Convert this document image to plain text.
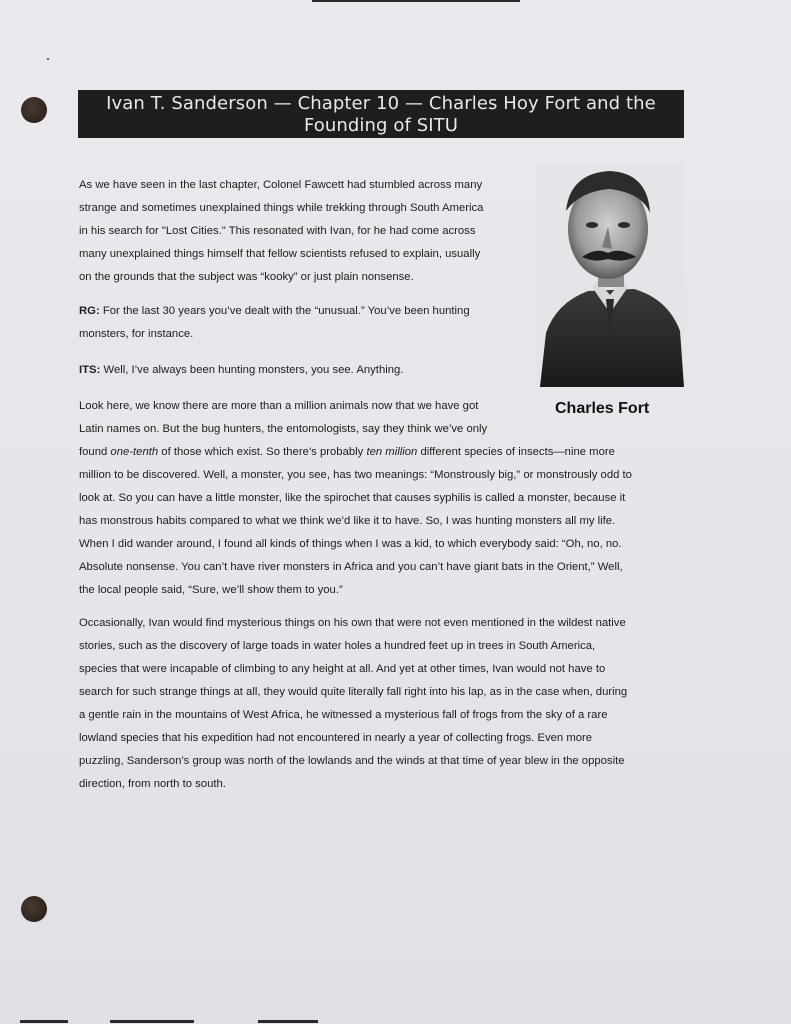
Ivan T. Sanderson — Chapter 10 — Charles Hoy Fort and the
Founding of SITU
Charles Fort
As we have seen in the last chapter, Colonel Fawcett had stumbled across many
strange and sometimes unexplained things while trekking through South America
in his search for "Lost Cities." This resonated with Ivan, for he had come across
many unexplained things himself that fellow scientists refused to explain, usually
on the grounds that the subject was “kooky” or just plain nonsense.
RG: For the last 30 years you’ve dealt with the “unusual.” You’ve been hunting
monsters, for instance.
ITS: Well, I’ve always been hunting monsters, you see. Anything.
Look here, we know there are more than a million animals now that we have got
Latin names on. But the bug hunters, the entomologists, say they think we’ve only
found one-tenth of those which exist. So there’s probably ten million different species of insects—nine more
million to be discovered. Well, a monster, you see, has two meanings: “Monstrously big,” or monstrously odd to
look at. So you can have a little monster, like the spirochet that causes syphilis is called a monster, because it
has monstrous habits compared to what we think we’d like it to have. So, I was hunting monsters all my life.
When I did wander around, I found all kinds of things when I was a kid, to which everybody said: “Oh, no, no.
Absolute nonsense. You can’t have river monsters in Africa and you can’t have giant bats in the Orient,” Well,
the local people said, “Sure, we’ll show them to you.”
Occasionally, Ivan would find mysterious things on his own that were not even mentioned in the wildest native
stories, such as the discovery of large toads in water holes a hundred feet up in trees in South America,
species that were incapable of climbing to any height at all. And yet at other times, Ivan would not have to
search for such strange things at all, they would quite literally fall right into his lap, as in the case when, during
a gentle rain in the mountains of West Africa, he witnessed a mysterious fall of frogs from the sky of a rare
lowland species that his expedition had not encountered in nearly a year of collecting frogs. Even more
puzzling, Sanderson’s group was north of the lowlands and the winds at that time of year blew in the opposite
direction, from north to south.
